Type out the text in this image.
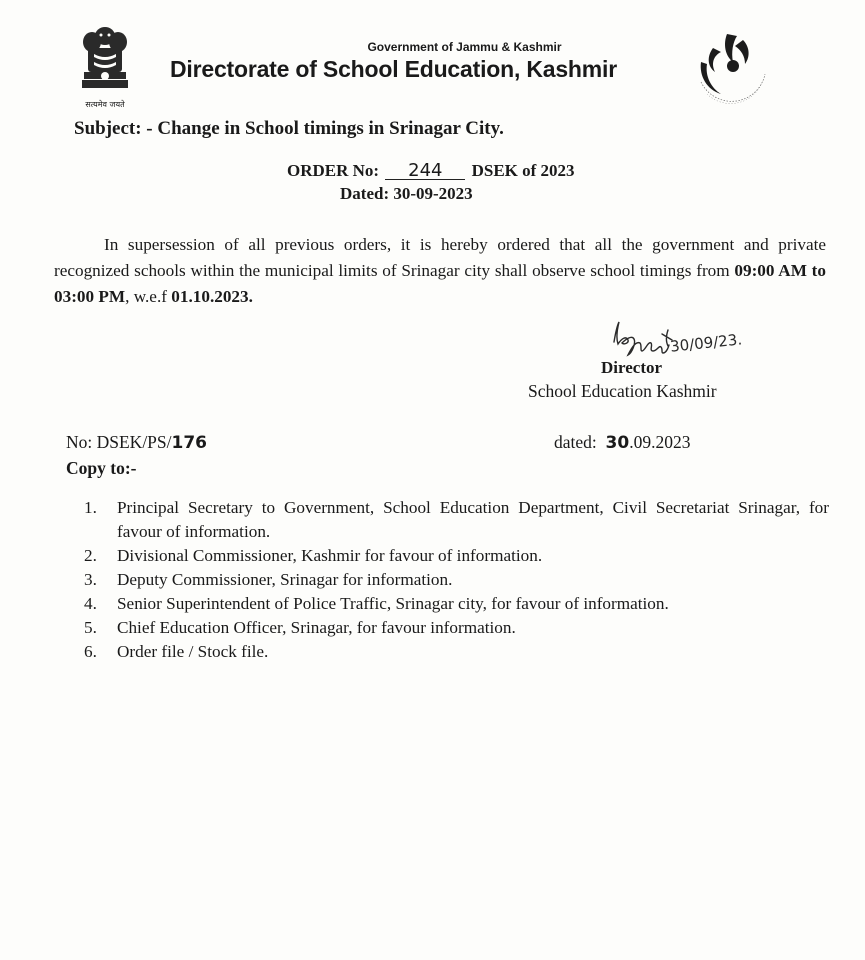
सत्यमेव जयते
Government of Jammu & Kashmir
Directorate of School Education, Kashmir
Subject: - Change in School timings in Srinagar City.
ORDER No: 244 DSEK of 2023
Dated: 30-09-2023
In supersession of all previous orders, it is hereby ordered that all the government and private recognized schools within the municipal limits of Srinagar city shall observe school timings from 09:00 AM to 03:00 PM, w.e.f 01.10.2023.
30/09/23.
Director
School Education Kashmir
No: DSEK/PS/176	dated: 30.09.2023
Copy to:-
1. Principal Secretary to Government, School Education Department, Civil Secretariat Srinagar, for favour of information.
2. Divisional Commissioner, Kashmir for favour of information.
3. Deputy Commissioner, Srinagar for information.
4. Senior Superintendent of Police Traffic, Srinagar city, for favour of information.
5. Chief Education Officer, Srinagar, for favour information.
6. Order file / Stock file.
